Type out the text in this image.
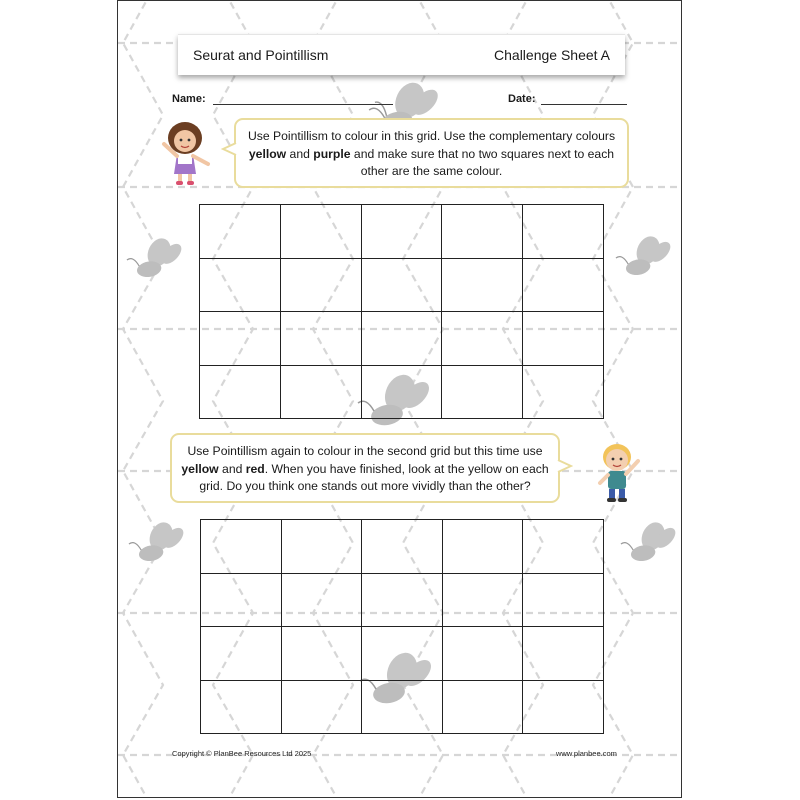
Seurat and Pointillism	Challenge Sheet A
Name:	Date:
Use Pointillism to colour in this grid. Use the complementary colours yellow and purple and make sure that no two squares next to each other are the same colour.

Use Pointillism again to colour in the second grid but this time use yellow and red. When you have finished, look at the yellow on each grid. Do you think one stands out more vividly than the other?

Copyright © PlanBee Resources Ltd 2025	www.planbee.com
